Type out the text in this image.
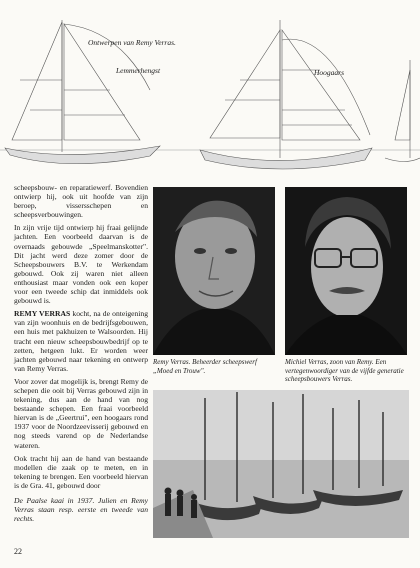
Ontwerpen van Remy Verras.
Lemmerhengst	Hoogaars

scheepsbouw- en reparatiewerf. Bovendien ontwierp hij, ook uit hoofde van zijn beroep, vissersschepen en scheepsverbouwingen.

In zijn vrije tijd ontwierp hij fraai gelijnde jachten. Een voorbeeld daarvan is de overnaads gebouwde „Speelmanskotter". Dit jacht werd deze zomer door de Scheepsbouwers B.V. te Werkendam gebouwd. Ook zij waren niet alleen enthousiast maar vonden ook een koper voor een tweede schip dat inmiddels ook gebouwd is.

REMY VERRAS kocht, na de onteigening van zijn woonhuis en de bedrijfsgebouwen, een huis met pakhuizen te Walsoorden. Hij tracht een nieuw scheepsbouwbedrijf op te zetten, hetgeen lukt. Er worden weer jachten gebouwd naar tekening en ontwerp van Remy Verras.

Voor zover dat mogelijk is, brengt Remy de schepen die ooit bij Verras gebouwd zijn in tekening, dus aan de hand van nog bestaande schepen. Een fraai voorbeeld hiervan is de „Geertrui", een hoogaars rond 1937 voor de Noordzeevisserij gebouwd en nog steeds varend op de Nederlandse wateren.

Ook tracht hij aan de hand van bestaande modellen die zaak op te meten, en in tekening te brengen. Een voorbeeld hiervan is de Gra. 41, gebouwd door

De Paalse kaai in 1937. Julien en Remy Verras staan resp. eerste en tweede van rechts.

Remy Verras. Beheerder scheepswerf „Moed en Trouw".
Michiel Verras, zoon van Remy. Een vertegenwoordiger van de vijfde generatie scheepsbouwers Verras.
22
